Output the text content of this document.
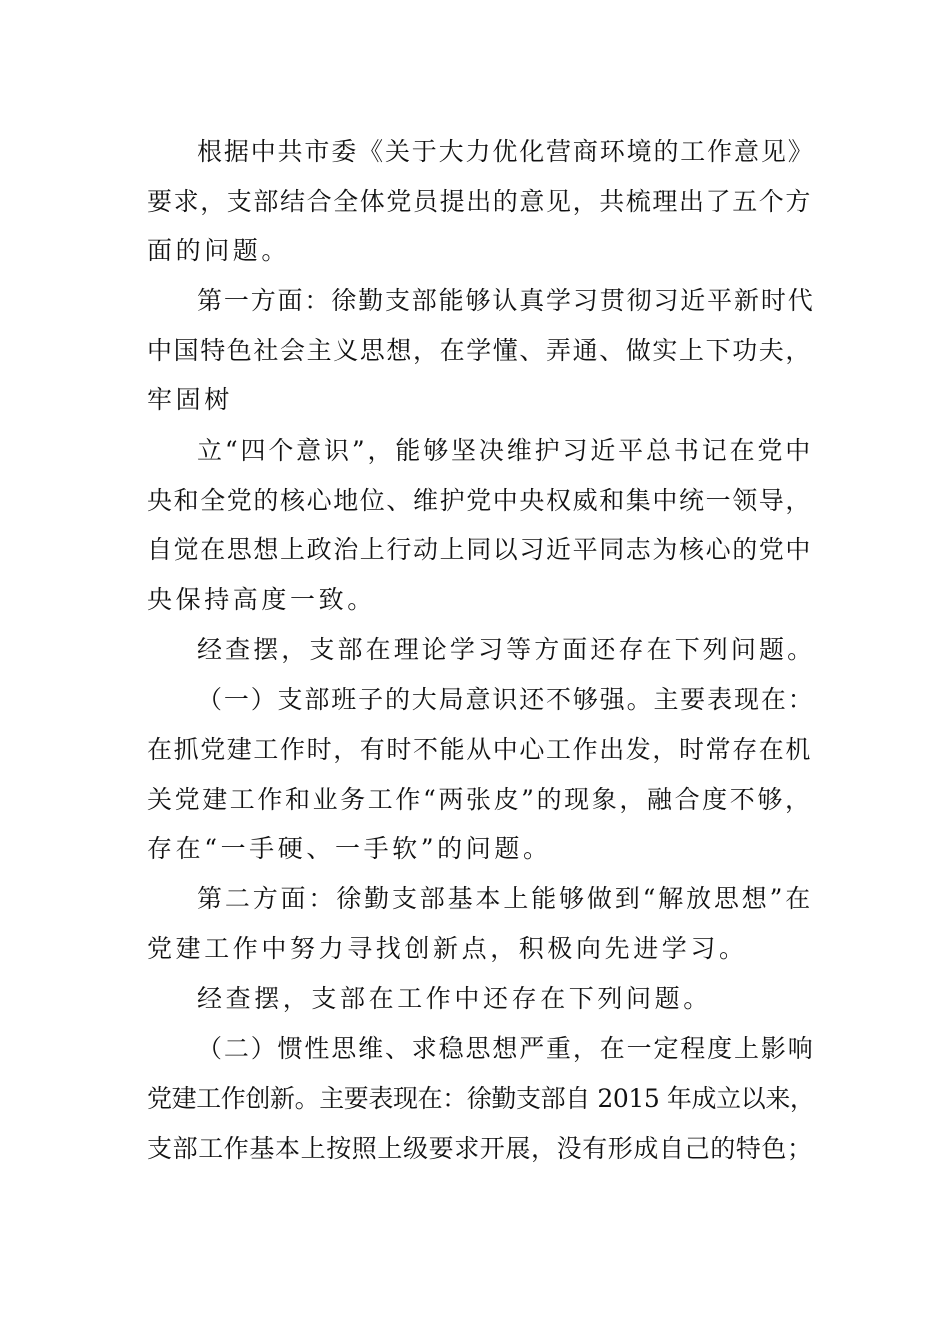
根据中共市委《关于大力优化营商环境的工作意见》
要求，支部结合全体党员提出的意见，共梳理出了五个方
面的问题。
第一方面：徐勤支部能够认真学习贯彻习近平新时代
中国特色社会主义思想，在学懂、弄通、做实上下功夫，
牢固树
立“四个意识”，能够坚决维护习近平总书记在党中
央和全党的核心地位、维护党中央权威和集中统一领导，
自觉在思想上政治上行动上同以习近平同志为核心的党中
央保持高度一致。
经查摆，支部在理论学习等方面还存在下列问题。
（一）支部班子的大局意识还不够强。主要表现在：
在抓党建工作时，有时不能从中心工作出发，时常存在机
关党建工作和业务工作“两张皮”的现象，融合度不够，
存在“一手硬、一手软”的问题。
第二方面：徐勤支部基本上能够做到“解放思想”在
党建工作中努力寻找创新点，积极向先进学习。
经查摆，支部在工作中还存在下列问题。
（二）惯性思维、求稳思想严重，在一定程度上影响
党建工作创新。主要表现在：徐勤支部自 2015 年成立以来，
支部工作基本上按照上级要求开展，没有形成自己的特色；
